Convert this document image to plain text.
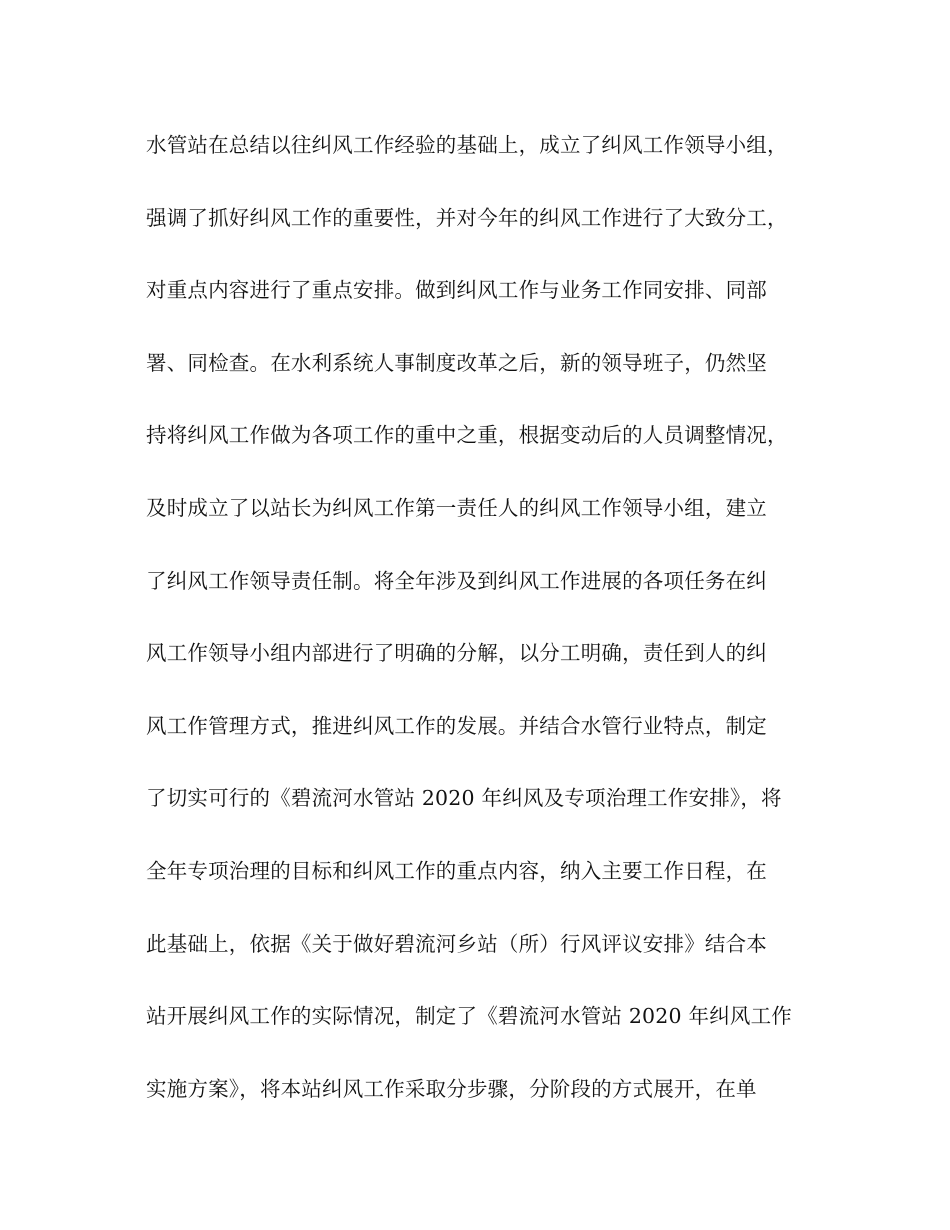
水管站在总结以往纠风工作经验的基础上，成立了纠风工作领导小组，
强调了抓好纠风工作的重要性，并对今年的纠风工作进行了大致分工，
对重点内容进行了重点安排。做到纠风工作与业务工作同安排、同部
署、同检查。在水利系统人事制度改革之后，新的领导班子，仍然坚
持将纠风工作做为各项工作的重中之重，根据变动后的人员调整情况，
及时成立了以站长为纠风工作第一责任人的纠风工作领导小组，建立
了纠风工作领导责任制。将全年涉及到纠风工作进展的各项任务在纠
风工作领导小组内部进行了明确的分解，以分工明确，责任到人的纠
风工作管理方式，推进纠风工作的发展。并结合水管行业特点，制定
了切实可行的《碧流河水管站 2020 年纠风及专项治理工作安排》，将
全年专项治理的目标和纠风工作的重点内容，纳入主要工作日程，在
此基础上，依据《关于做好碧流河乡站（所）行风评议安排》结合本
站开展纠风工作的实际情况，制定了《碧流河水管站 2020 年纠风工作
实施方案》，将本站纠风工作采取分步骤，分阶段的方式展开，在单
